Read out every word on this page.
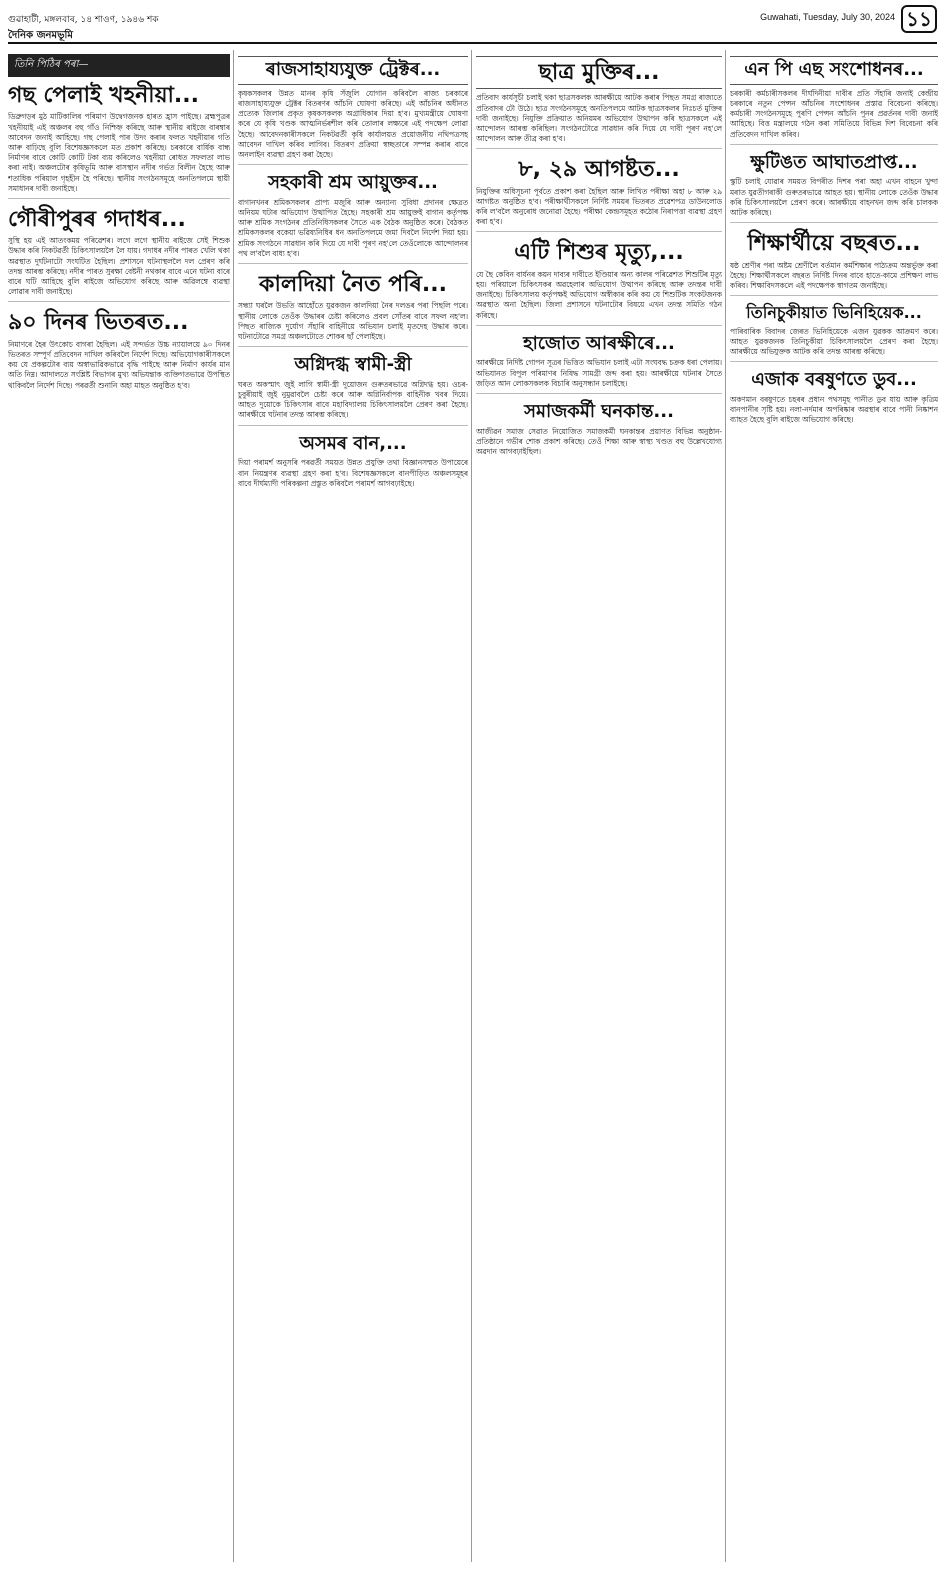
গুৱাহাটী, মঙ্গলবাৰ, ১৪ শাওণ, ১৯৪৬ শক
দৈনিক জনমভূমি
Guwahati, Tuesday, July 30, 2024 ১১
তিনি পিঠিৰ পৰা—
গছ পেলাই খহনীয়া...
ডিব্ৰুগড়ৰ মুঠ মাটিকালিৰ পৰিমাণ উদ্বেগজনক হাৰত হ্ৰাস পাইছে। ব্ৰহ্মপুত্ৰৰ খহনীয়াই এই অঞ্চলৰ বহু গাঁও নিশ্চিহ্ন কৰিছে আৰু স্থানীয় ৰাইজে বাৰম্বাৰ আবেদন জনাই আহিছে। গছ পেলাই পাৰ উদং কৰাৰ ফলত খহনীয়াৰ গতি আৰু বাঢ়িছে বুলি বিশেষজ্ঞসকলে মত প্ৰকাশ কৰিছে। চৰকাৰে বাৰ্ষিক বান্ধ নিৰ্মাণৰ বাবে কোটি কোটি টকা ব্যয় কৰিলেও খহনীয়া ৰোধত সফলতা লাভ কৰা নাই। অঞ্চলটোৰ কৃষিভূমি আৰু বাসস্থান নদীৰ গৰ্ভত বিলীন হৈছে আৰু শতাধিক পৰিয়াল গৃহহীন হৈ পৰিছে। স্থানীয় সংগঠনসমূহে অনতিপলমে স্থায়ী সমাধানৰ দাবী জনাইছে।
গৌৰীপুৰৰ গদাধৰ...
সুস্থি হয় এই আতংকময় পৰিৱেশৰ। লগে লগে স্থানীয় ৰাইজে সেই শিশুক উদ্ধাৰ কৰি নিকটৱৰ্তী চিকিৎসালয়লৈ লৈ যায়। গদাধৰ নদীৰ পাৰত খেলি থকা অৱস্থাত দুৰ্ঘটনাটো সংঘটিত হৈছিল। প্ৰশাসনে ঘটনাস্থললৈ দল প্ৰেৰণ কৰি তদন্ত আৰম্ভ কৰিছে। নদীৰ পাৰত সুৰক্ষা বেষ্টনী নথকাৰ বাবে এনে ঘটনা বাৰে বাৰে ঘটি আহিছে বুলি ৰাইজে অভিযোগ কৰিছে আৰু অৱিলম্বে ব্যৱস্থা লোৱাৰ দাবী জনাইছে।
৯০ দিনৰ ভিতৰত...
নিমাণৰে হৈৰ উৎকোচ বাগৰা হৈছিল। এই সন্দৰ্ভত উচ্চ ন্যায়ালয়ে ৯০ দিনৰ ভিতৰত সম্পূৰ্ণ প্ৰতিবেদন দাখিল কৰিবলৈ নিৰ্দেশ দিছে। অভিযোগকাৰীসকলে কয় যে প্ৰকল্পটোৰ ব্যয় অস্বাভাৱিকভাৱে বৃদ্ধি পাইছে আৰু নিৰ্মাণ কাৰ্যৰ মান অতি নিম্ন। আদালতে সংশ্লিষ্ট বিভাগৰ মুখ্য অভিযন্তাক ব্যক্তিগতভাৱে উপস্থিত থাকিবলৈ নিৰ্দেশ দিছে। পৰৱৰ্তী শুনানি অহা মাহত অনুষ্ঠিত হ'ব।
ৰাজসাহায্যযুক্ত ট্ৰেক্টৰ...
কৃষকসকলৰ উন্নত মানৰ কৃষি সঁজুলি যোগান কৰিবলৈ ৰাজ্য চৰকাৰে ৰাজসাহায্যযুক্ত ট্ৰেক্টৰ বিতৰণৰ আঁচনি ঘোষণা কৰিছে। এই আঁচনিৰ অধীনত প্ৰত্যেক জিলাৰ প্ৰকৃত কৃষকসকলক অগ্ৰাধিকাৰ দিয়া হ'ব। মুখ্যমন্ত্ৰীয়ে ঘোষণা কৰে যে কৃষি খণ্ডক আত্মনিৰ্ভৰশীল কৰি তোলাৰ লক্ষ্যৰে এই পদক্ষেপ লোৱা হৈছে। আবেদনকাৰীসকলে নিকটৱৰ্তী কৃষি কাৰ্যালয়ত প্ৰয়োজনীয় নথিপত্ৰসহ আবেদন দাখিল কৰিব লাগিব। বিতৰণ প্ৰক্ৰিয়া স্বচ্ছতাৰে সম্পন্ন কৰাৰ বাবে অনলাইন ব্যৱস্থা গ্ৰহণ কৰা হৈছে।
সহকাৰী শ্ৰম আয়ুক্তৰ...
বাগানখনৰ শ্ৰমিকসকলৰ প্ৰাপ্য মজুৰি আৰু অন্যান্য সুবিধা প্ৰদানৰ ক্ষেত্ৰত অনিয়ম ঘটাৰ অভিযোগ উত্থাপিত হৈছে। সহকাৰী শ্ৰম আয়ুক্তই বাগান কৰ্তৃপক্ষ আৰু শ্ৰমিক সংগঠনৰ প্ৰতিনিধিসকলৰ সৈতে এক বৈঠক অনুষ্ঠিত কৰে। বৈঠকত শ্ৰমিকসকলৰ বকেয়া ভৱিষ্যনিধিৰ ধন অনতিপলমে জমা দিবলৈ নিৰ্দেশ দিয়া হয়। শ্ৰমিক সংগঠনে সাৱধান কৰি দিয়ে যে দাবী পূৰণ নহ'লে তেওঁলোকে আন্দোলনৰ পথ ল'বলৈ বাধ্য হ'ব।
কালদিয়া নৈত পৰি...
সন্ধ্যা ঘৰলৈ উভতি আহোঁতে যুৱকজন কালদিয়া নৈৰ দলঙৰ পৰা পিছলি পৰে। স্থানীয় লোকে তেওঁক উদ্ধাৰৰ চেষ্টা কৰিলেও প্ৰবল সোঁতৰ বাবে সফল নহ'ল। পিছত ৰাজ্যিক দুৰ্যোগ সঁহাৰি বাহিনীয়ে অভিযান চলাই মৃতদেহ উদ্ধাৰ কৰে। ঘটনাটোৱে সমগ্ৰ অঞ্চলটোতে শোকৰ ছাঁ পেলাইছে।
অগ্নিদগ্ধ স্বামী-স্ত্ৰী
ঘৰত অকস্মাৎ জুই লাগি স্বামী-স্ত্ৰী দুয়োজন গুৰুতৰভাৱে অগ্নিদগ্ধ হয়। ওচৰ-চুবুৰীয়াই জুই নুমুৱাবলৈ চেষ্টা কৰে আৰু অগ্নিনিৰ্বাপক বাহিনীক খবৰ দিয়ে। আহত দুয়োকে চিকিৎসাৰ বাবে মহাবিদ্যালয় চিকিৎসালয়লৈ প্ৰেৰণ কৰা হৈছে। আৰক্ষীয়ে ঘটনাৰ তদন্ত আৰম্ভ কৰিছে।
অসমৰ বান,...
দিয়া পৰামৰ্শ অনুসৰি পৰৱৰ্তী সময়ত উন্নত প্ৰযুক্তি তথা বিজ্ঞানসম্মত উপায়েৰে বান নিয়ন্ত্ৰণৰ ব্যৱস্থা গ্ৰহণ কৰা হ'ব। বিশেষজ্ঞসকলে বানপীড়িত অঞ্চলসমূহৰ বাবে দীৰ্ঘম্যাদী পৰিকল্পনা প্ৰস্তুত কৰিবলৈ পৰামৰ্শ আগবঢ়াইছে।
ছাত্ৰ মুক্তিৰ...
প্ৰতিবাদ কাৰ্যসূচী চলাই থকা ছাত্ৰসকলক আৰক্ষীয়ে আটক কৰাৰ পিছত সমগ্ৰ ৰাজ্যতে প্ৰতিবাদৰ ঢৌ উঠে। ছাত্ৰ সংগঠনসমূহে অনতিপলমে আটক ছাত্ৰসকলৰ নিঃচৰ্ত মুক্তিৰ দাবী জনাইছে। নিযুক্তি প্ৰক্ৰিয়াত অনিয়মৰ অভিযোগ উত্থাপন কৰি ছাত্ৰসকলে এই আন্দোলন আৰম্ভ কৰিছিল। সংগঠনটোৱে সাৱধান কৰি দিয়ে যে দাবী পূৰণ নহ'লে আন্দোলন আৰু তীব্ৰ কৰা হ'ব।
৮, ২৯ আগষ্টত...
নিযুক্তিৰ অধিসূচনা পূৰ্বতে প্ৰকাশ কৰা হৈছিল আৰু লিখিত পৰীক্ষা অহা ৮ আৰু ২৯ আগষ্টত অনুষ্ঠিত হ'ব। পৰীক্ষাৰ্থীসকলে নিৰ্দিষ্ট সময়ৰ ভিতৰত প্ৰৱেশপত্ৰ ডাউনলোড কৰি ল'বলৈ অনুৰোধ জনোৱা হৈছে। পৰীক্ষা কেন্দ্ৰসমূহত কঠোৰ নিৰাপত্তা ব্যৱস্থা গ্ৰহণ কৰা হ'ব।
এটি শিশুৰ মৃত্যু,...
যে ছৈ কেবিন বাৰ্যনৰ কয়ন দাব্যৰ দাবীতে ইণ্ডিয়াৰ অন্য কালৰ পৰিৱেশত শিশুটিৰ মৃত্যু হয়। পৰিয়ালে চিকিৎসকৰ অৱহেলাৰ অভিযোগ উত্থাপন কৰিছে আৰু তদন্তৰ দাবী জনাইছে। চিকিৎসালয় কৰ্তৃপক্ষই অভিযোগ অস্বীকাৰ কৰি কয় যে শিশুটিক সংকটজনক অৱস্থাত অনা হৈছিল। জিলা প্ৰশাসনে ঘটনাটোৰ বিষয়ে এখন তদন্ত সমিতি গঠন কৰিছে।
হাজোত আৰক্ষীৰে...
আৰক্ষীয়ে নিৰ্দিষ্ট গোপন সূত্ৰৰ ভিত্তিত অভিযান চলাই এটা সংঘবদ্ধ চক্ৰক ধৰা পেলায়। অভিযানত বিপুল পৰিমাণৰ নিষিদ্ধ সামগ্ৰী জব্দ কৰা হয়। আৰক্ষীয়ে ঘটনাৰ সৈতে জড়িত আন লোকসকলক বিচাৰি অনুসন্ধান চলাইছে।
সমাজকৰ্মী ঘনকান্ত...
আজীৱন সমাজ সেৱাত নিয়োজিত সমাজকৰ্মী ঘনকান্তৰ প্ৰয়াণত বিভিন্ন অনুষ্ঠান-প্ৰতিষ্ঠানে গভীৰ শোক প্ৰকাশ কৰিছে। তেওঁ শিক্ষা আৰু স্বাস্থ্য খণ্ডত বহু উল্লেখযোগ্য অৱদান আগবঢ়াইছিল।
এন পি এছ সংশোধনৰ...
চৰকাৰী কৰ্মচাৰীসকলৰ দীৰ্ঘদিনীয়া দাবীৰ প্ৰতি সঁহাৰি জনাই কেন্দ্ৰীয় চৰকাৰে নতুন পেন্সন আঁচনিৰ সংশোধনৰ প্ৰস্তাৱ বিবেচনা কৰিছে। কৰ্মচাৰী সংগঠনসমূহে পুৰণি পেন্সন আঁচনি পুনৰ প্ৰৱৰ্তনৰ দাবী জনাই আহিছে। বিত্ত মন্ত্ৰালয়ে গঠন কৰা সমিতিয়ে বিভিন্ন দিশ বিবেচনা কৰি প্ৰতিবেদন দাখিল কৰিব।
ক্ষুটিঙত আঘাতপ্ৰাপ্ত...
স্কুটি চলাই যোৱাৰ সময়ত বিপৰীত দিশৰ পৰা অহা এখন বাহনে খুন্দা মৰাত যুৱতীগৰাকী গুৰুতৰভাৱে আহত হয়। স্থানীয় লোকে তেওঁক উদ্ধাৰ কৰি চিকিৎসালয়লৈ প্ৰেৰণ কৰে। আৰক্ষীয়ে বাহনখন জব্দ কৰি চালকক আটক কৰিছে।
শিক্ষাৰ্থীয়ে বছৰত...
ষষ্ঠ শ্ৰেণীৰ পৰা অষ্টম শ্ৰেণীলৈ বৰ্তমান কৰ্মশিক্ষাৰ পাঠ্যক্ৰম অন্তৰ্ভুক্ত কৰা হৈছে। শিক্ষাৰ্থীসকলে বছৰত নিৰ্দিষ্ট দিনৰ বাবে হাতে-কামে প্ৰশিক্ষণ লাভ কৰিব। শিক্ষাবিদসকলে এই পদক্ষেপক স্বাগতম জনাইছে।
তিনিচুকীয়াত ভিনিহিয়েক...
পাৰিবাৰিক বিবাদৰ জেৰত ভিনিহিয়েকে এজন যুৱকক আক্ৰমণ কৰে। আহত যুৱকজনক তিনিচুকীয়া চিকিৎসালয়লৈ প্ৰেৰণ কৰা হৈছে। আৰক্ষীয়ে অভিযুক্তক আটক কৰি তদন্ত আৰম্ভ কৰিছে।
এজাক বৰষুণতে ডুব...
অকণমান বৰষুণতে চহৰৰ প্ৰধান পথসমূহ পানীত ডুব যায় আৰু কৃত্ৰিম বানপানীৰ সৃষ্টি হয়। নলা-নৰ্দমাৰ অপৰিষ্কাৰ অৱস্থাৰ বাবে পানী নিষ্কাশন ব্যাহত হৈছে বুলি ৰাইজে অভিযোগ কৰিছে।
